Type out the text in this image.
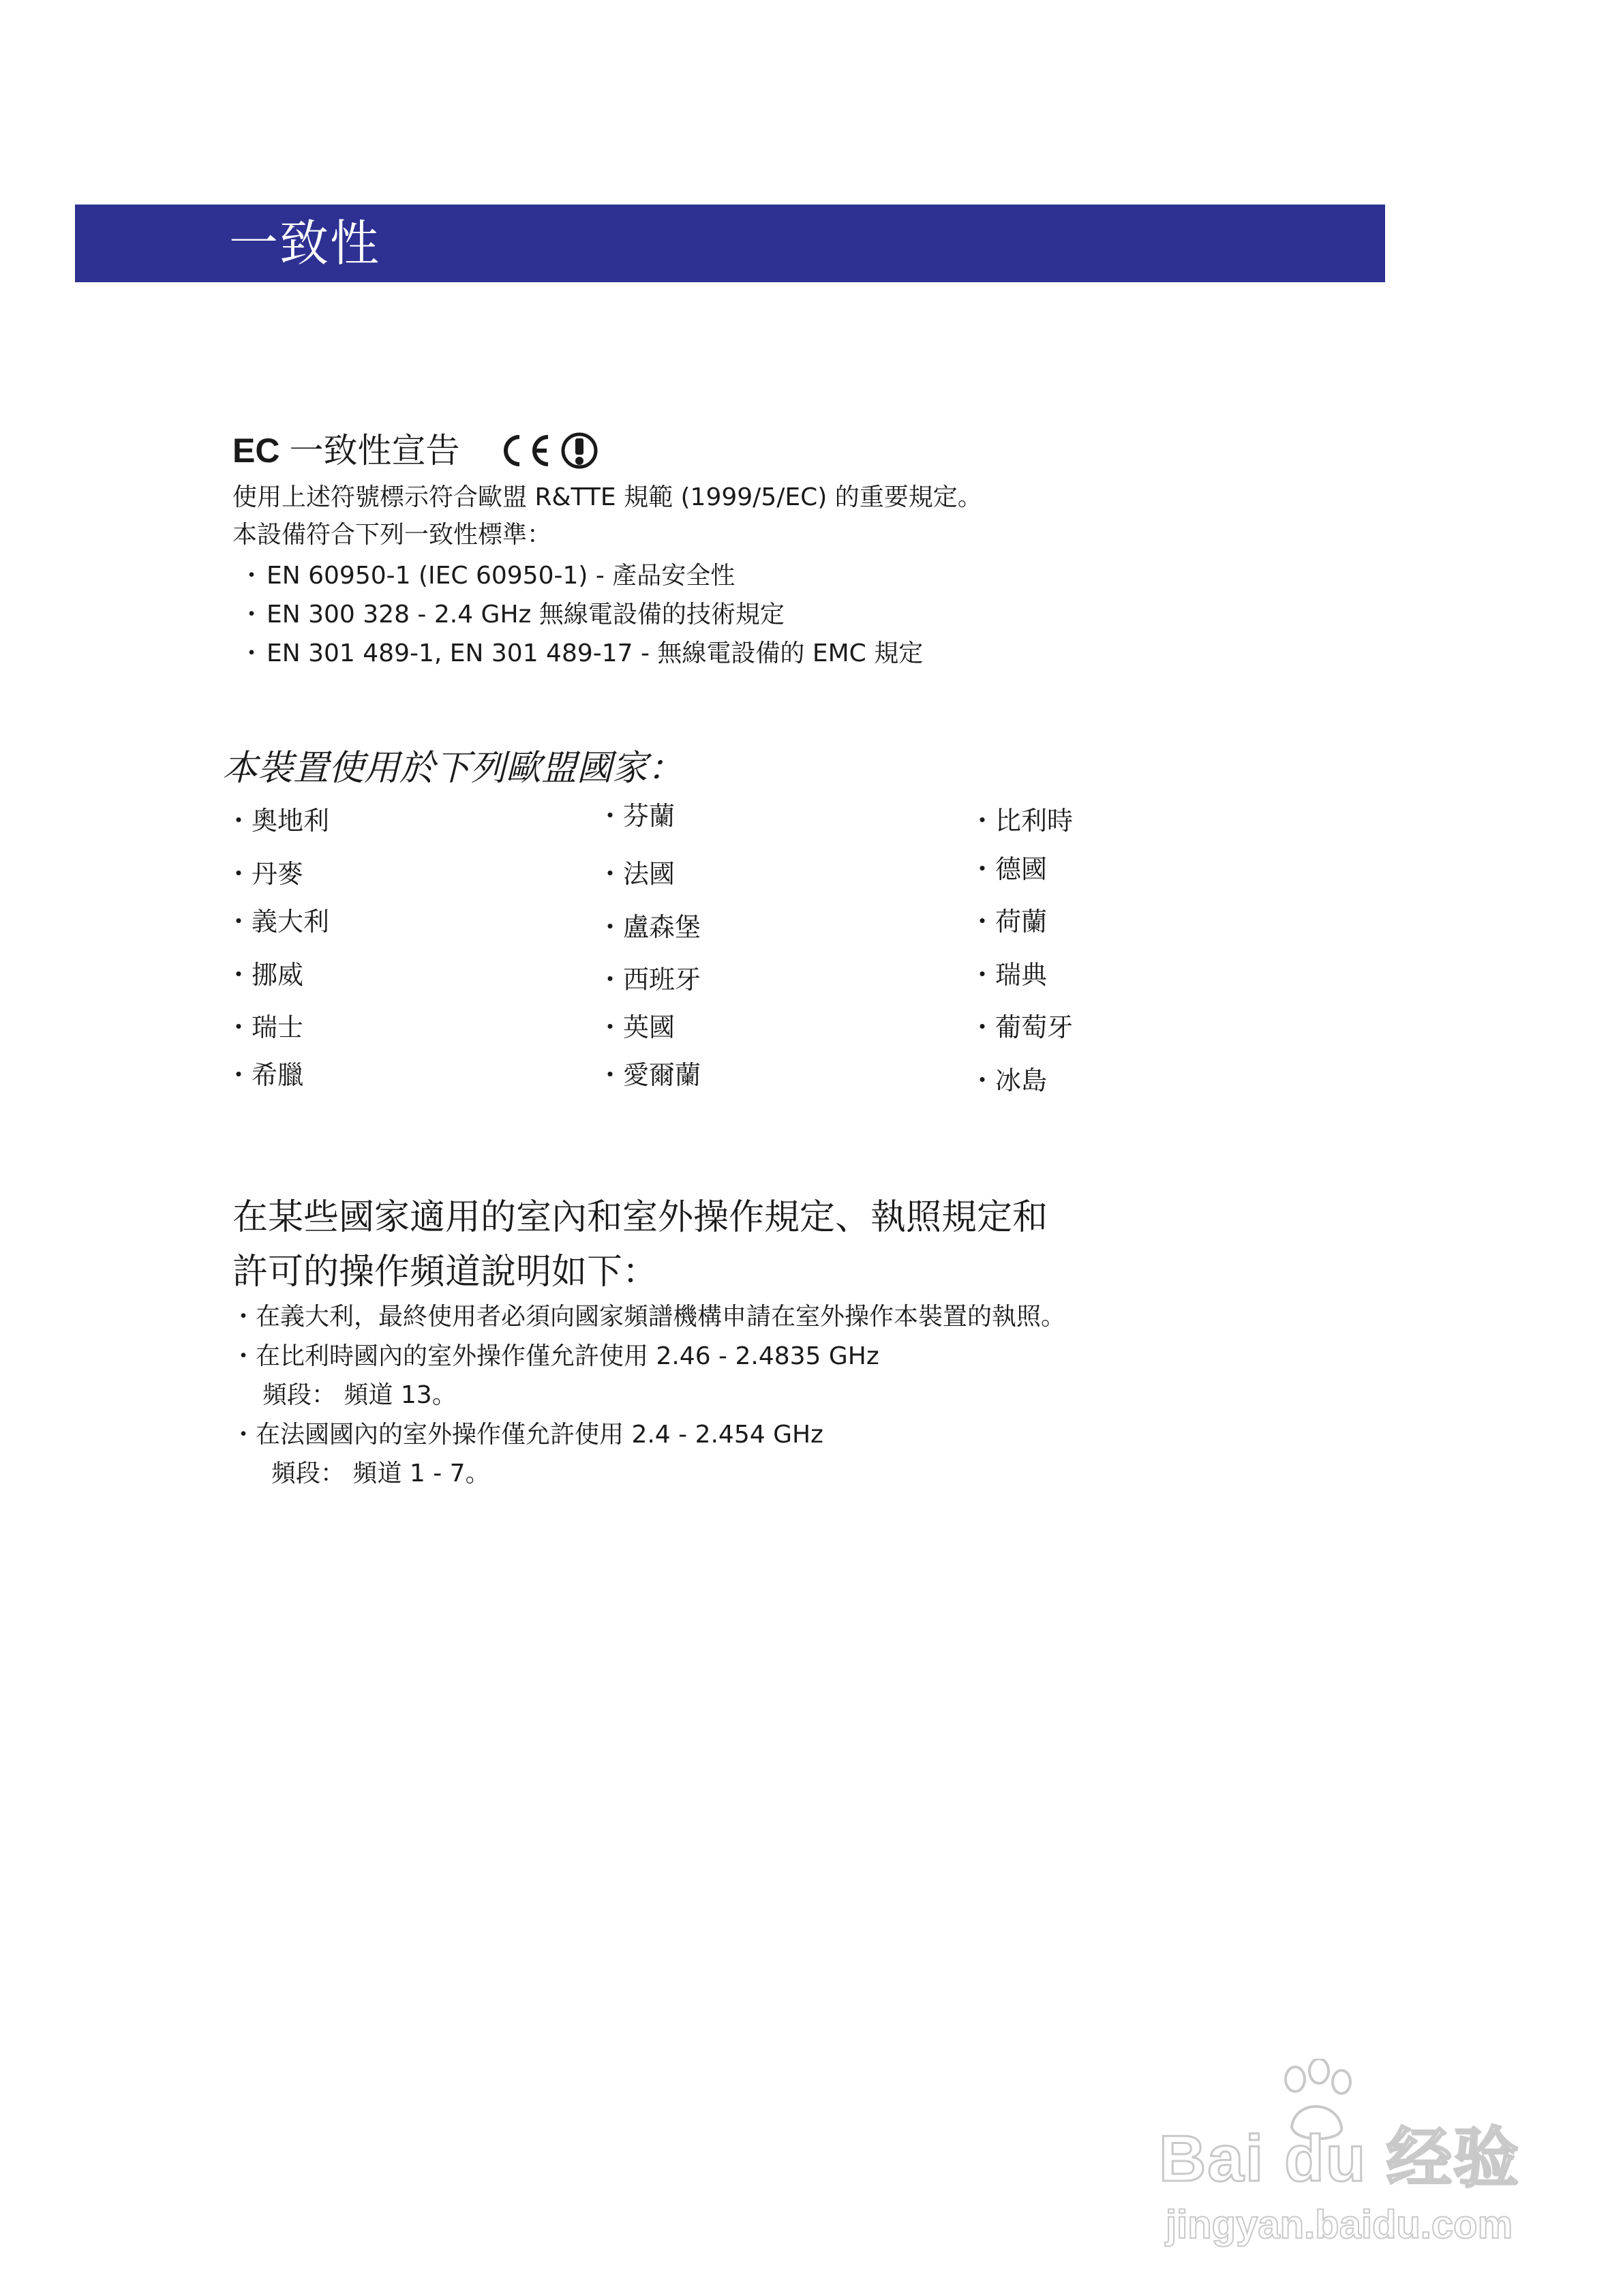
一致性
EC 一致性宣告
使用上述符號標示符合歐盟 R&TTE 規範 (1999/5/EC) 的重要規定。
本設備符合下列一致性標準：
・ EN 60950-1 (IEC 60950-1) - 產品安全性
・ EN 300 328 - 2.4 GHz 無線電設備的技術規定
・ EN 301 489-1, EN 301 489-17 - 無線電設備的 EMC 規定
本裝置使用於下列歐盟國家：
・奧地利	・芬蘭	・比利時
・丹麥	・法國	・德國
・義大利	・盧森堡	・荷蘭
・挪威	・西班牙	・瑞典
・瑞士	・英國	・葡萄牙
・希臘	・愛爾蘭	・冰島
在某些國家適用的室內和室外操作規定、執照規定和
許可的操作頻道說明如下：
・在義大利，最終使用者必須向國家頻譜機構申請在室外操作本裝置的執照。
・在比利時國內的室外操作僅允許使用 2.46 - 2.4835 GHz
頻段： 頻道 13。
・在法國國內的室外操作僅允許使用 2.4 - 2.454 GHz
頻段： 頻道 1 - 7。
Bai du 经验
jingyan.baidu.com
